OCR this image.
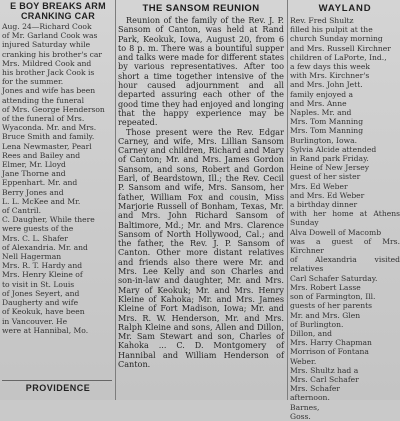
E BOY BREAKS ARM CRANKING CAR
Aug. 24—Richard Cook
of Mr. Garland Cook was
injured Saturday while
cranking his brother's car
Mrs. Mildred Cook and
his brother Jack Cook is
for the summer.
Jones and wife has been
attending the funeral
of Mrs. George Henderson
of the funeral of Mrs.
Wyaconda. Mr. and Mrs.
Bruce Smith and family.
Lena Newmaster, Pearl
Rees and Bailey and
Elmer, Mr. Lloyd
Jane Thorne and
Eppenhart. Mr. and
Berry Jones and
L. L. McKee and Mr.
of Cantril.
C. Daugher, While there
were guests of the
Mrs. C. L. Shafer
of Alexandria. Mr. and
Nell Hagerman
Mrs. R. T. Hardy and
Mrs. Henry Kleine of
to visit in St. Louis
of Jones Seyert, and
Daugherty and wife
of Keokuk, have been
in Vancouver. He
were at Hannibal, Mo.
PROVIDENCE
THE SANSOM REUNION

Reunion of the family of the Rev. J. P. Sansom of Canton, was held at Rand Park, Keokuk, Iowa, August 20, from 6 to 8 p. m. There was a bountiful supper and talks were made for different states by various representatives. After too short a time together intensive of the hour caused adjournment and all departed assuring each other of the good time they had enjoyed and longing that the happy experience may be repeated.

Those present were the Rev. Edgar Carney, and wife, Mrs. Lillian Sansom Carney and children, Richard and Mary of Canton; Mr. and Mrs. James Gordon Sansom, and sons, Robert and Gordon Earl, of Beardstown, Ill.; the Rev. Cecil P. Sansom and wife, Mrs. Sansom, her father, William Fox and cousin, Miss Marjorie Russell of Bonham, Texas, Mr. and Mrs. John Richard Sansom of Baltimore, Md.; Mr. and Mrs. Clarence Sansom of North Hollywood, Cal.; and the father, the Rev. J. P. Sansom of Canton. Other more distant relatives and friends also there were Mr. and Mrs. Lee Kelly and son Charles and son-in-law and daughter, Mr. and Mrs. Mary of Keokuk; Mr. and Mrs. Henry Kleine of Kahoka; Mr. and Mrs. James Kleine of Fort Madison, Iowa; Mr. and Mrs. R. W. Henderson, Mr. and Mrs. Ralph Kleine and sons, Allen and Dillon, Mr. Sam Stewart and son, Charles of Kahoka ... C. D. Montgomery of Hannibal and William Henderson of Canton.

WAYLAND
Rev. Fred Shultz
filled his pulpit at the
church Sunday morning
and Mrs. Russell Kirchner
children of LaPorte, Ind.,
a few days this week
with Mrs. Kirchner's
and Mrs. John Jett.
family enjoyed a
and Mrs. Anne
Naples. Mr. and
Mrs. Tom Manning
Mrs. Tom Manning
Burlington, Iowa.
Sylvia Alcide attended
in Rand park Friday.
Heine of New Jersey
guest of her sister
Mrs. Ed Weber
and Mrs. Ed Weber
a birthday dinner
with her home at Athens Sunday
Alva Dowell of Macomb
was a guest of Mrs. Kirchner
of Alexandria visited relatives
Carl Schafer Saturday.
Mrs. Robert Lasse
son of Farmington, Ill.
guests of her parents
Mr. and Mrs. Glen
of Burlington.
Dillon, and
Mrs. Harry Chapman
Morrison of Fontana
Weber.
Mrs. Shultz had a
Mrs. Carl Schafer
Mrs. Schafer
afternoon.
Barnes,
Goss.
